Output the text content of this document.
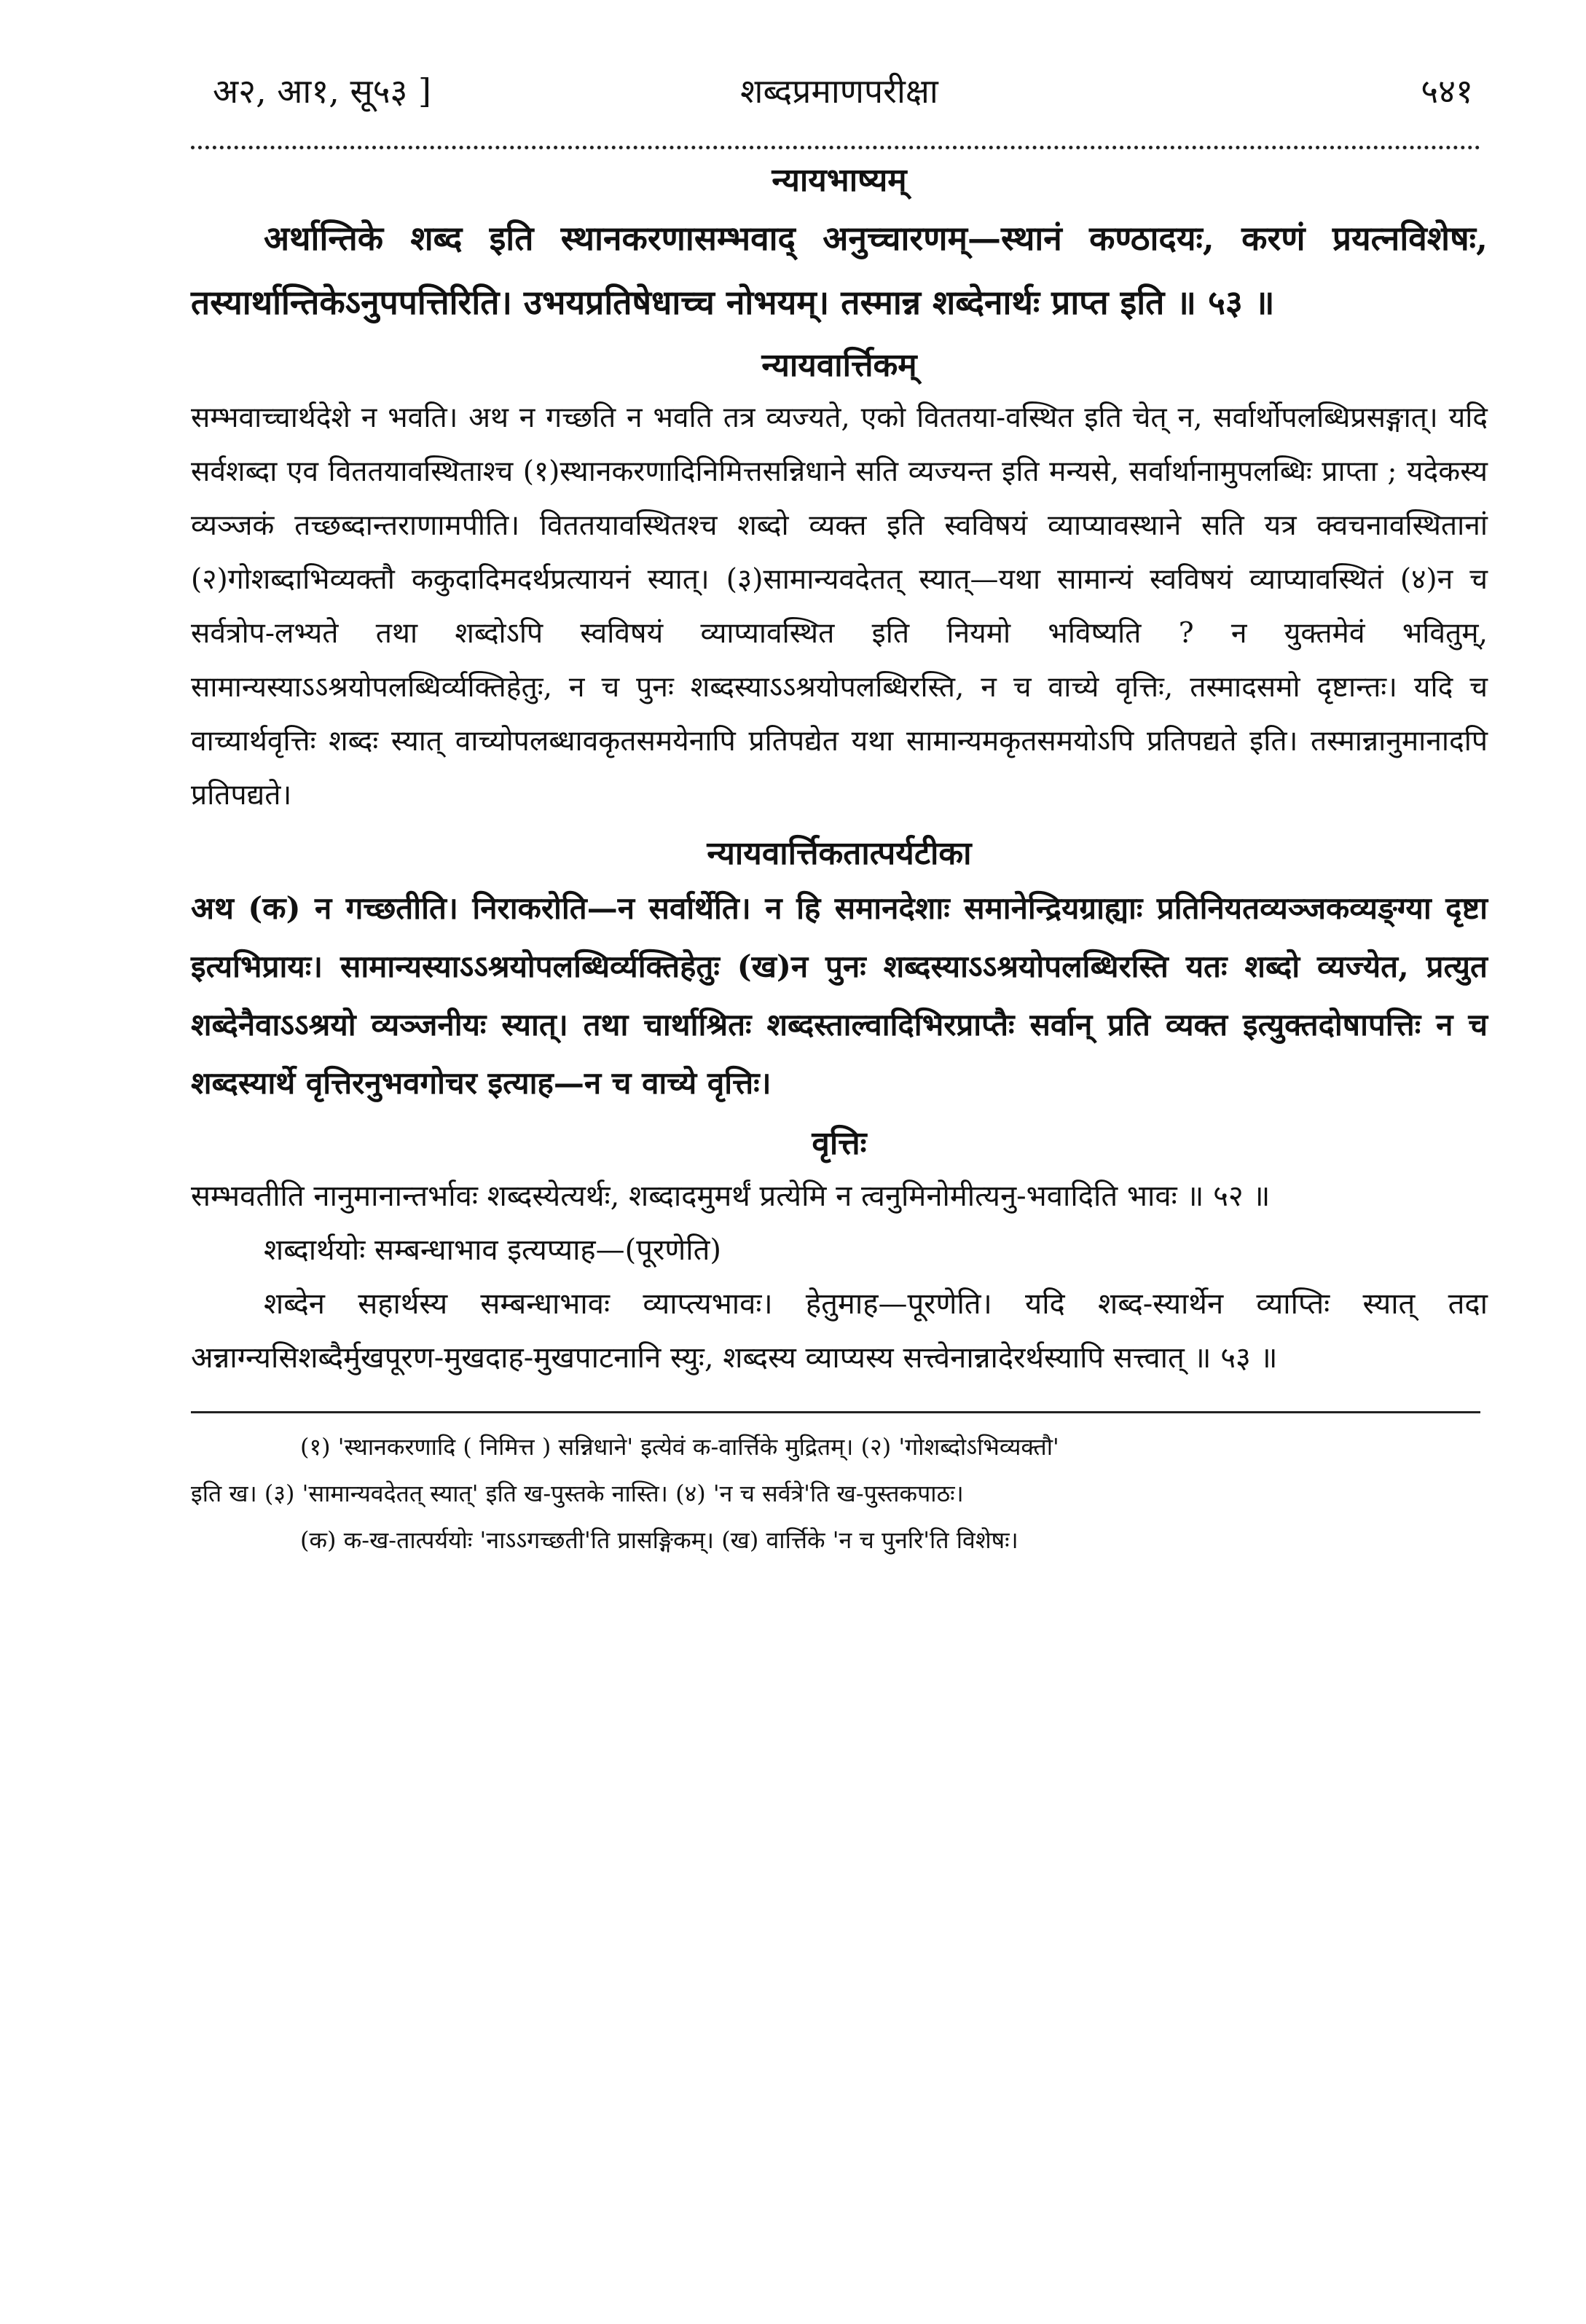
अ२, आ१, सू५३ ]	शब्दप्रमाणपरीक्षा	५४१

न्यायभाष्यम्

अर्थान्तिके शब्द इति स्थानकरणासम्भवाद् अनुच्चारणम्—स्थानं कण्ठादयः, करणं प्रयत्नविशेषः, तस्यार्थान्तिकेऽनुपपत्तिरिति। उभयप्रतिषेधाच्च नोभयम्। तस्मान्न शब्देनार्थः प्राप्त इति ॥ ५३ ॥

न्यायवार्त्तिकम्

सम्भवाच्चार्थदेशे न भवति। अथ न गच्छति न भवति तत्र व्यज्यते, एको विततया-वस्थित इति चेत् न, सर्वार्थोपलब्धिप्रसङ्गात्। यदि सर्वशब्दा एव विततयावस्थिताश्च (१)स्थानकरणादिनिमित्तसन्निधाने सति व्यज्यन्त इति मन्यसे, सर्वार्थानामुपलब्धिः प्राप्ता ; यदेकस्य व्यञ्जकं तच्छब्दान्तराणामपीति। विततयावस्थितश्च शब्दो व्यक्त इति स्वविषयं व्याप्यावस्थाने सति यत्र क्वचनावस्थितानां (२)गोशब्दाभिव्यक्तौ ककुदादिमदर्थप्रत्यायनं स्यात्। (३)सामान्यवदेतत् स्यात्—यथा सामान्यं स्वविषयं व्याप्यावस्थितं (४)न च सर्वत्रोप-लभ्यते तथा शब्दोऽपि स्वविषयं व्याप्यावस्थित इति नियमो भविष्यति ? न युक्तमेवं भवितुम्, सामान्यस्याऽऽश्रयोपलब्धिर्व्यक्तिहेतुः, न च पुनः शब्दस्याऽऽश्रयोपलब्धिरस्ति, न च वाच्ये वृत्तिः, तस्मादसमो दृष्टान्तः। यदि च वाच्यार्थवृत्तिः शब्दः स्यात् वाच्योपलब्धावकृतसमयेनापि प्रतिपद्येत यथा सामान्यमकृतसमयोऽपि प्रतिपद्यते इति। तस्मान्नानुमानादपि प्रतिपद्यते।

न्यायवार्त्तिकतात्पर्यटीका

अथ (क) न गच्छतीति। निराकरोति—न सर्वार्थेति। न हि समानदेशाः समानेन्द्रियग्राह्याः प्रतिनियतव्यञ्जकव्यङ्ग्या दृष्टा इत्यभिप्रायः। सामान्यस्याऽऽश्रयोपलब्धिर्व्यक्तिहेतुः (ख)न पुनः शब्दस्याऽऽश्रयोपलब्धिरस्ति यतः शब्दो व्यज्येत, प्रत्युत शब्देनैवाऽऽश्रयो व्यञ्जनीयः स्यात्। तथा चार्थाश्रितः शब्दस्ताल्वादिभिरप्राप्तैः सर्वान् प्रति व्यक्त इत्युक्तदोषापत्तिः न च शब्दस्यार्थे वृत्तिरनुभवगोचर इत्याह—न च वाच्ये वृत्तिः।

वृत्तिः

सम्भवतीति नानुमानान्तर्भावः शब्दस्येत्यर्थः, शब्दादमुमर्थं प्रत्येमि न त्वनुमिनोमीत्यनु-भवादिति भावः ॥ ५२ ॥

शब्दार्थयोः सम्बन्धाभाव इत्यप्याह—(पूरणेति)

शब्देन सहार्थस्य सम्बन्धाभावः व्याप्त्यभावः। हेतुमाह—पूरणेति। यदि शब्द-स्यार्थेन व्याप्तिः स्यात् तदा अन्नाग्न्यसिशब्दैर्मुखपूरण-मुखदाह-मुखपाटनानि स्युः, शब्दस्य व्याप्यस्य सत्त्वेनान्नादेरर्थस्यापि सत्त्वात् ॥ ५३ ॥

(१) 'स्थानकरणादि ( निमित्त ) सन्निधाने' इत्येवं क-वार्त्तिके मुद्रितम्। (२) 'गोशब्दोऽभिव्यक्तौ'

इति ख। (३) 'सामान्यवदेतत् स्यात्' इति ख-पुस्तके नास्ति। (४) 'न च सर्वत्रे'ति ख-पुस्तकपाठः।

(क) क-ख-तात्पर्ययोः 'नाऽऽगच्छती'ति प्रासङ्गिकम्। (ख) वार्त्तिके 'न च पुनरि'ति विशेषः।
